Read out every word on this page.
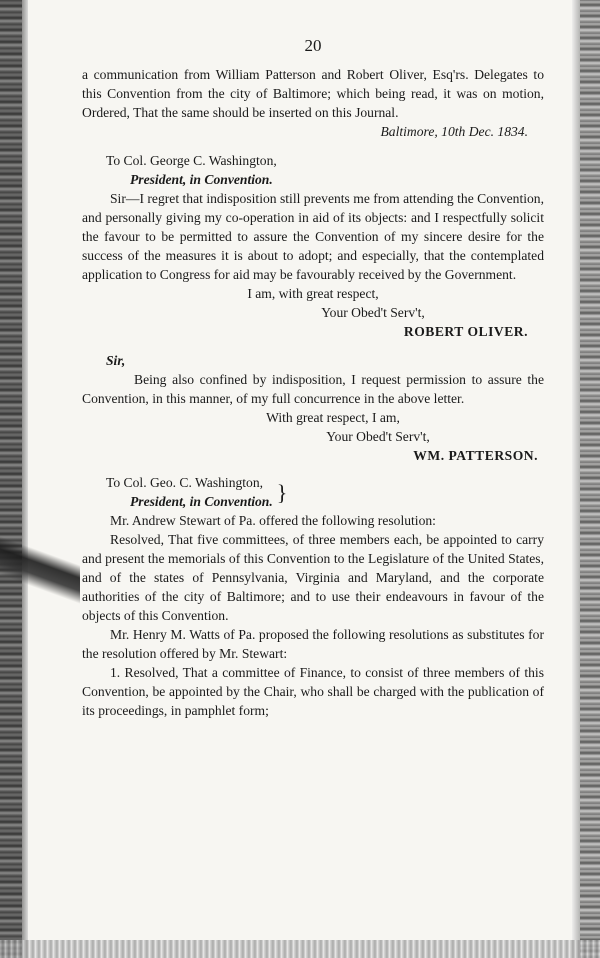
20

a communication from William Patterson and Robert Oliver, Esq'rs. Delegates to this Convention from the city of Baltimore; which being read, it was on motion, Ordered, That the same should be inserted on this Journal.

Baltimore, 10th Dec. 1834.

To Col. George C. Washington,

President, in Convention.

Sir—I regret that indisposition still prevents me from attending the Convention, and personally giving my co-operation in aid of its objects: and I respectfully solicit the favour to be permitted to assure the Convention of my sincere desire for the success of the measures it is about to adopt; and especially, that the contemplated application to Congress for aid may be favourably received by the Government.

I am, with great respect,

Your Obed't Serv't,

ROBERT OLIVER.

Sir,

Being also confined by indisposition, I request permission to assure the Convention, in this manner, of my full concurrence in the above letter.

With great respect, I am,

Your Obed't Serv't,

WM. PATTERSON.

To Col. Geo. C. Washington,
President, in Convention. }

Mr. Andrew Stewart of Pa. offered the following resolution:

Resolved, That five committees, of three members each, be appointed to carry and present the memorials of this Convention to the Legislature of the United States, and of the states of Pennsylvania, Virginia and Maryland, and the corporate authorities of the city of Baltimore; and to use their endeavours in favour of the objects of this Convention.

Mr. Henry M. Watts of Pa. proposed the following resolutions as substitutes for the resolution offered by Mr. Stewart:

1. Resolved, That a committee of Finance, to consist of three members of this Convention, be appointed by the Chair, who shall be charged with the publication of its proceedings, in pamphlet form;
